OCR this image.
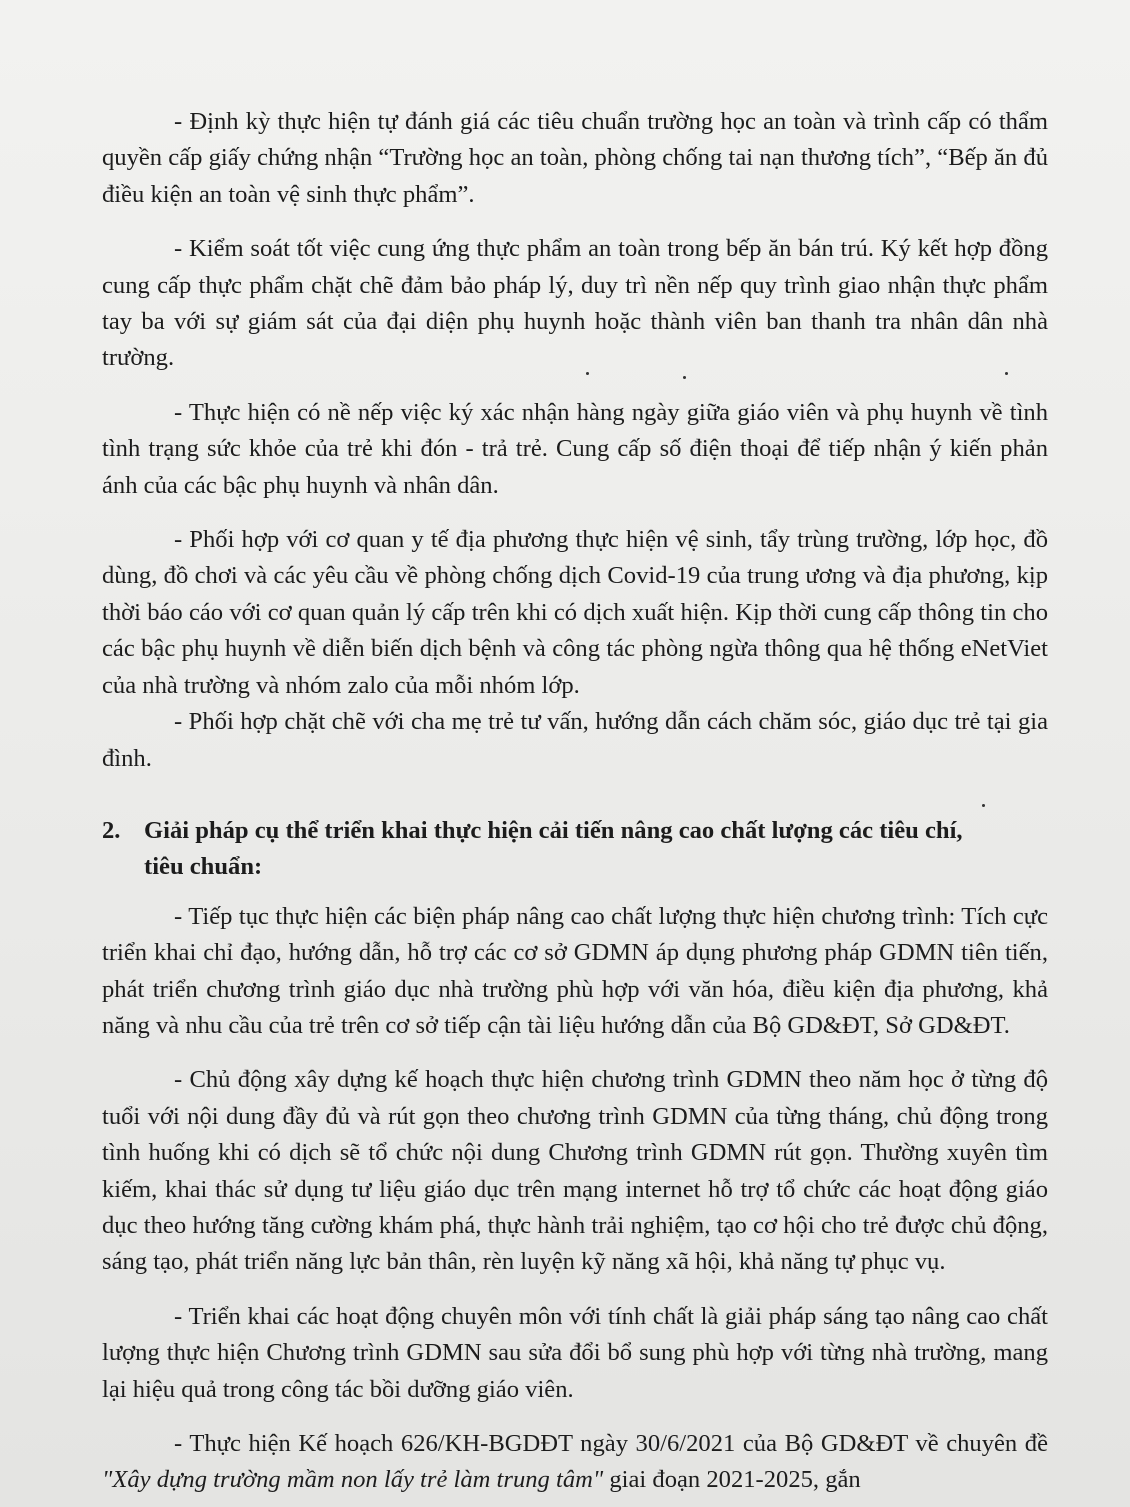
- Định kỳ thực hiện tự đánh giá các tiêu chuẩn trường học an toàn và trình cấp có thẩm quyền cấp giấy chứng nhận “Trường học an toàn, phòng chống tai nạn thương tích”, “Bếp ăn đủ điều kiện an toàn vệ sinh thực phẩm”.

- Kiểm soát tốt việc cung ứng thực phẩm an toàn trong bếp ăn bán trú. Ký kết hợp đồng cung cấp thực phẩm chặt chẽ đảm bảo pháp lý, duy trì nền nếp quy trình giao nhận thực phẩm tay ba với sự giám sát của đại diện phụ huynh hoặc thành viên ban thanh tra nhân dân nhà trường.

- Thực hiện có nề nếp việc ký xác nhận hàng ngày giữa giáo viên và phụ huynh về tình tình trạng sức khỏe của trẻ khi đón - trả trẻ. Cung cấp số điện thoại để tiếp nhận ý kiến phản ánh của các bậc phụ huynh và nhân dân.

- Phối hợp với cơ quan y tế địa phương thực hiện vệ sinh, tẩy trùng trường, lớp học, đồ dùng, đồ chơi và các yêu cầu về phòng chống dịch Covid-19 của trung ương và địa phương, kịp thời báo cáo với cơ quan quản lý cấp trên khi có dịch xuất hiện. Kịp thời cung cấp thông tin cho các bậc phụ huynh về diễn biến dịch bệnh và công tác phòng ngừa thông qua hệ thống eNetViet của nhà trường và nhóm zalo của mỗi nhóm lớp.

- Phối hợp chặt chẽ với cha mẹ trẻ tư vấn, hướng dẫn cách chăm sóc, giáo dục trẻ tại gia đình.

2. Giải pháp cụ thể triển khai thực hiện cải tiến nâng cao chất lượng các tiêu chí, tiêu chuẩn:

- Tiếp tục thực hiện các biện pháp nâng cao chất lượng thực hiện chương trình: Tích cực triển khai chỉ đạo, hướng dẫn, hỗ trợ các cơ sở GDMN áp dụng phương pháp GDMN tiên tiến, phát triển chương trình giáo dục nhà trường phù hợp với văn hóa, điều kiện địa phương, khả năng và nhu cầu của trẻ trên cơ sở tiếp cận tài liệu hướng dẫn của Bộ GD&ĐT, Sở GD&ĐT.

- Chủ động xây dựng kế hoạch thực hiện chương trình GDMN theo năm học ở từng độ tuổi với nội dung đầy đủ và rút gọn theo chương trình GDMN của từng tháng, chủ động trong tình huống khi có dịch sẽ tổ chức nội dung Chương trình GDMN rút gọn. Thường xuyên tìm kiếm, khai thác sử dụng tư liệu giáo dục trên mạng internet hỗ trợ tổ chức các hoạt động giáo dục theo hướng tăng cường khám phá, thực hành trải nghiệm, tạo cơ hội cho trẻ được chủ động, sáng tạo, phát triển năng lực bản thân, rèn luyện kỹ năng xã hội, khả năng tự phục vụ.

- Triển khai các hoạt động chuyên môn với tính chất là giải pháp sáng tạo nâng cao chất lượng thực hiện Chương trình GDMN sau sửa đổi bổ sung phù hợp với từng nhà trường, mang lại hiệu quả trong công tác bồi dưỡng giáo viên.

- Thực hiện Kế hoạch 626/KH-BGDĐT ngày 30/6/2021 của Bộ GD&ĐT về chuyên đề "Xây dựng trường mầm non lấy trẻ làm trung tâm" giai đoạn 2021-2025, gắn
